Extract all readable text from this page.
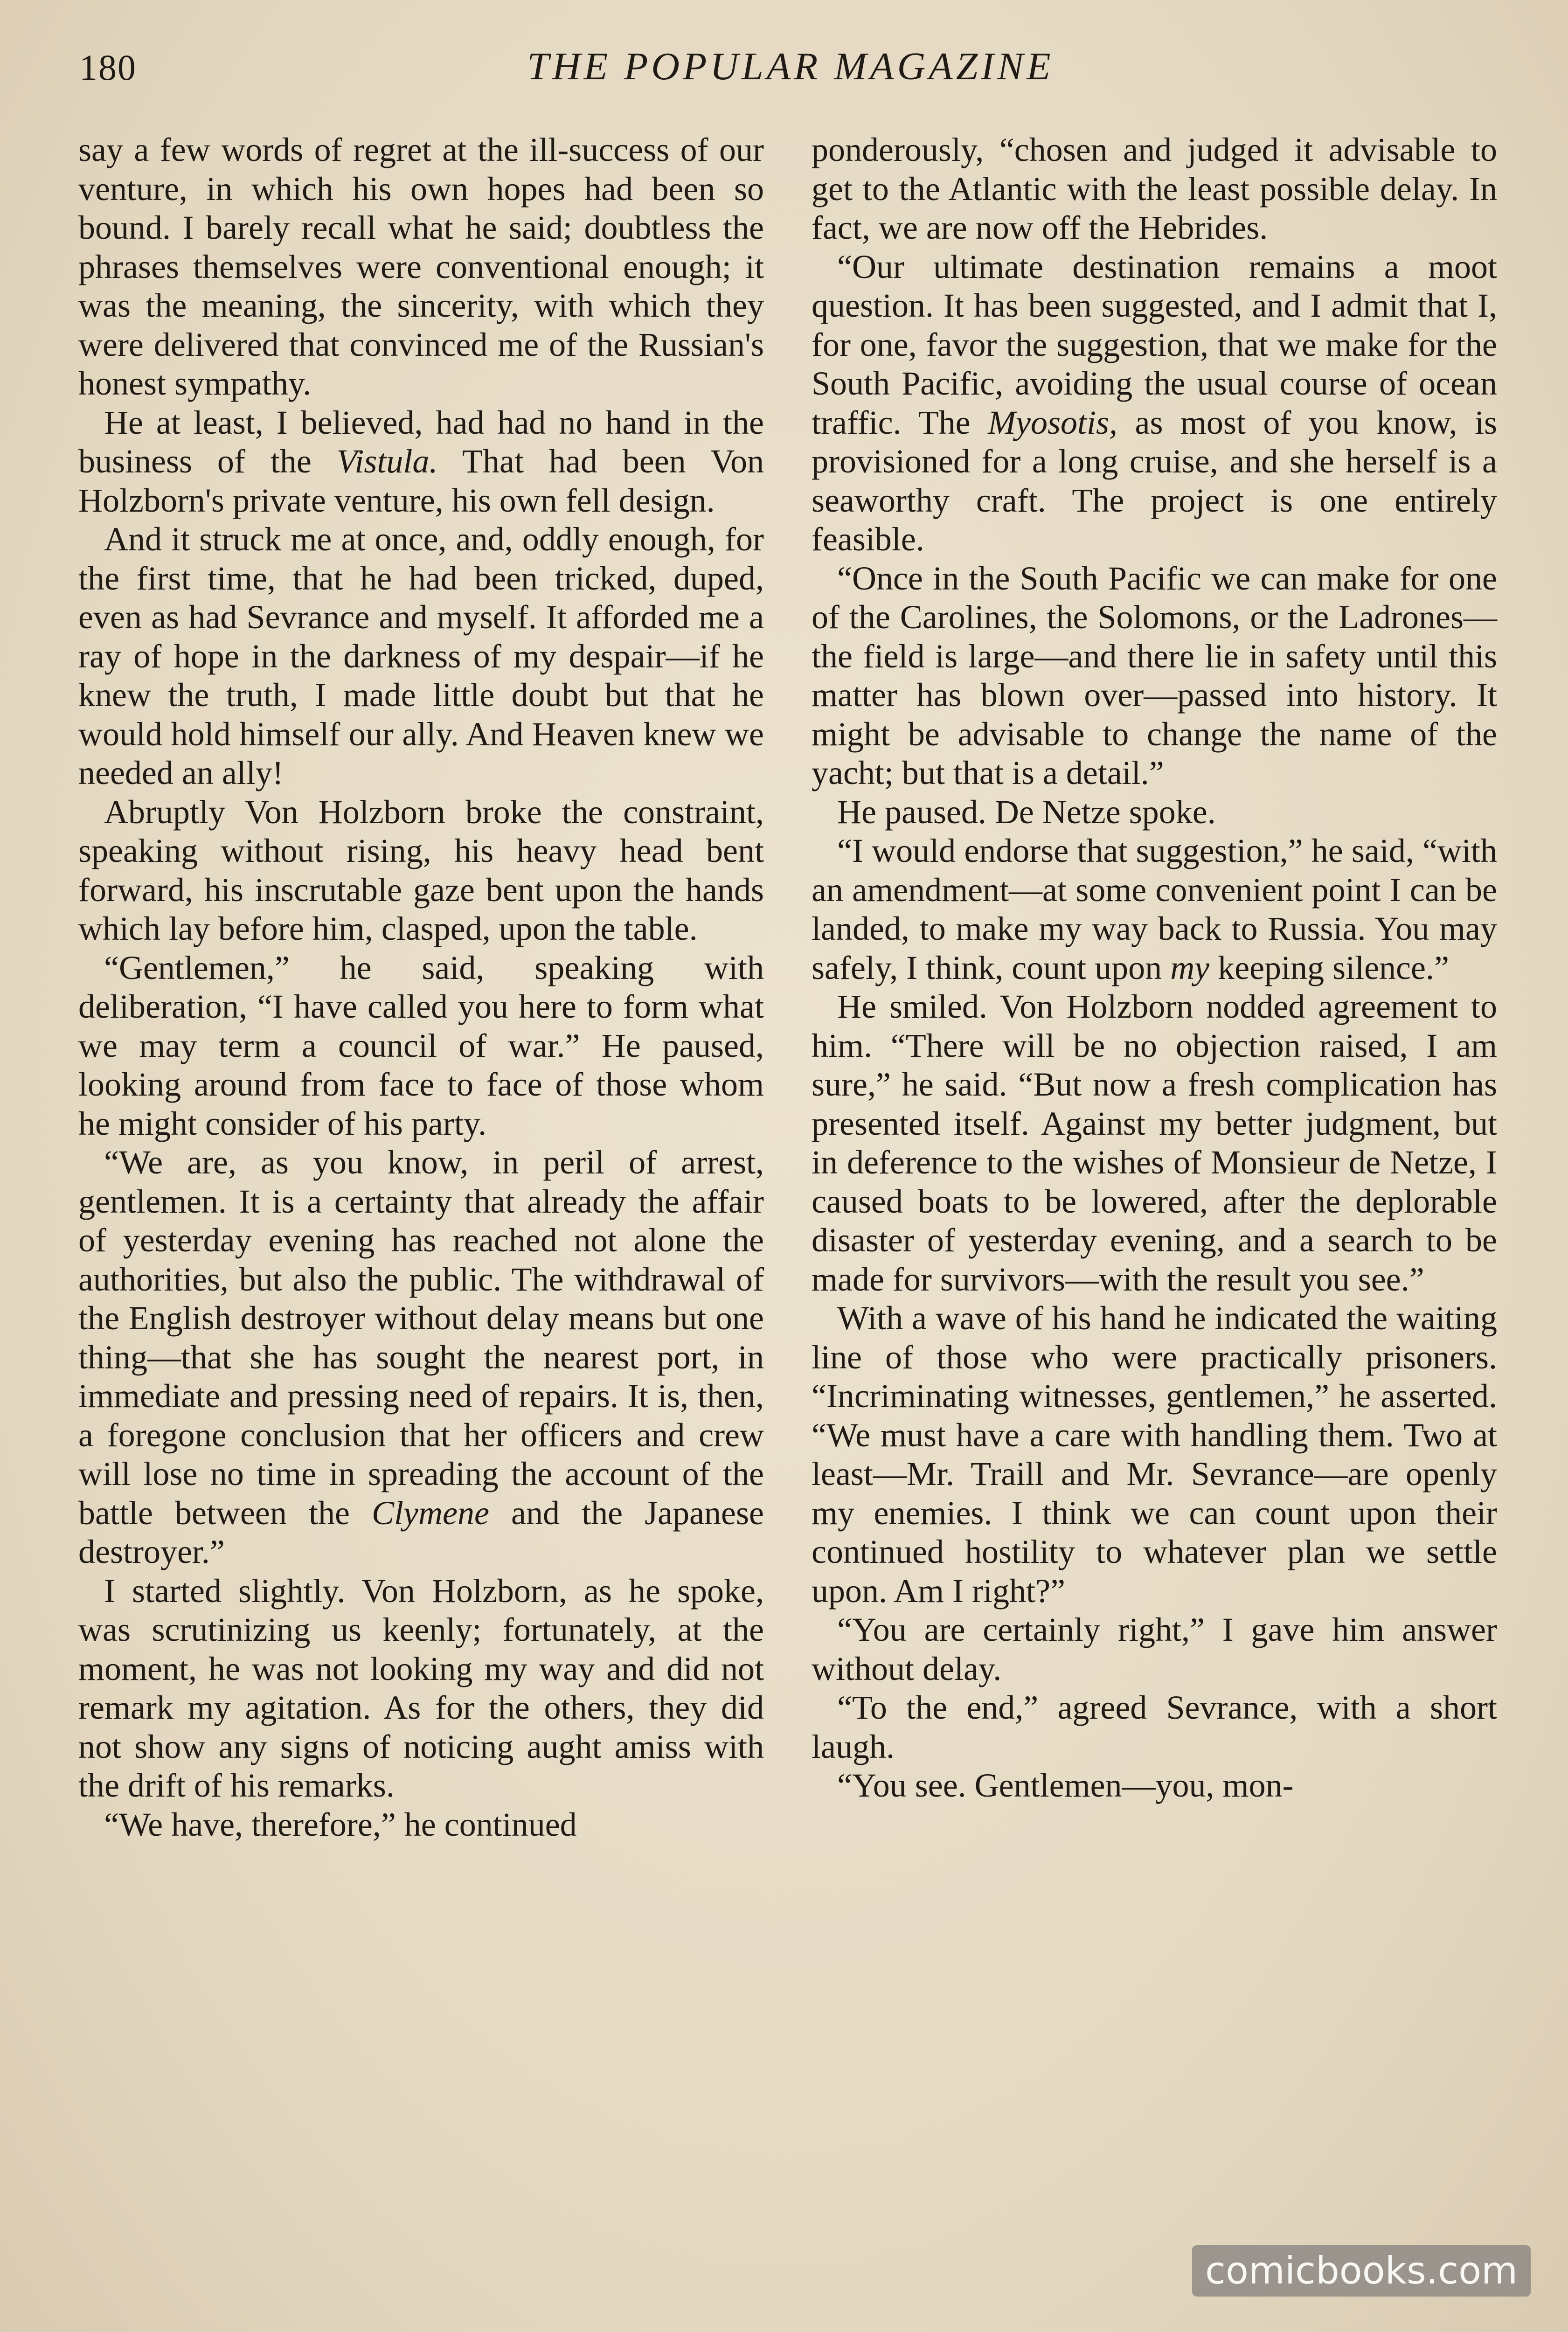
180	THE POPULAR MAGAZINE

say a few words of regret at the ill-success of our venture, in which his own hopes had been so bound. I barely recall what he said; doubtless the phrases themselves were conventional enough; it was the meaning, the sincerity, with which they were delivered that convinced me of the Russian's honest sympathy.

He at least, I believed, had had no hand in the business of the Vistula. That had been Von Holzborn's private venture, his own fell design.

And it struck me at once, and, oddly enough, for the first time, that he had been tricked, duped, even as had Sevrance and myself. It afforded me a ray of hope in the darkness of my despair—if he knew the truth, I made little doubt but that he would hold himself our ally. And Heaven knew we needed an ally!

Abruptly Von Holzborn broke the constraint, speaking without rising, his heavy head bent forward, his inscrutable gaze bent upon the hands which lay before him, clasped, upon the table.

“Gentlemen,” he said, speaking with deliberation, “I have called you here to form what we may term a council of war.” He paused, looking around from face to face of those whom he might consider of his party.

“We are, as you know, in peril of arrest, gentlemen. It is a certainty that already the affair of yesterday evening has reached not alone the authorities, but also the public. The withdrawal of the English destroyer without delay means but one thing—that she has sought the nearest port, in immediate and pressing need of repairs. It is, then, a foregone conclusion that her officers and crew will lose no time in spreading the account of the battle between the Clymene and the Japanese destroyer.”

I started slightly. Von Holzborn, as he spoke, was scrutinizing us keenly; fortunately, at the moment, he was not looking my way and did not remark my agitation. As for the others, they did not show any signs of noticing aught amiss with the drift of his remarks.

“We have, therefore,” he continued

ponderously, “chosen and judged it advisable to get to the Atlantic with the least possible delay. In fact, we are now off the Hebrides.

“Our ultimate destination remains a moot question. It has been suggested, and I admit that I, for one, favor the suggestion, that we make for the South Pacific, avoiding the usual course of ocean traffic. The Myosotis, as most of you know, is provisioned for a long cruise, and she herself is a seaworthy craft. The project is one entirely feasible.

“Once in the South Pacific we can make for one of the Carolines, the Solomons, or the Ladrones—the field is large—and there lie in safety until this matter has blown over—passed into history. It might be advisable to change the name of the yacht; but that is a detail.”

He paused. De Netze spoke.

“I would endorse that suggestion,” he said, “with an amendment—at some convenient point I can be landed, to make my way back to Russia. You may safely, I think, count upon my keeping silence.”

He smiled. Von Holzborn nodded agreement to him. “There will be no objection raised, I am sure,” he said. “But now a fresh complication has presented itself. Against my better judgment, but in deference to the wishes of Monsieur de Netze, I caused boats to be lowered, after the deplorable disaster of yesterday evening, and a search to be made for survivors—with the result you see.”

With a wave of his hand he indicated the waiting line of those who were practically prisoners. “Incriminating witnesses, gentlemen,” he asserted. “We must have a care with handling them. Two at least—Mr. Traill and Mr. Sevrance—are openly my enemies. I think we can count upon their continued hostility to whatever plan we settle upon. Am I right?”

“You are certainly right,” I gave him answer without delay.

“To the end,” agreed Sevrance, with a short laugh.

“You see. Gentlemen—you, mon-

comicbooks.com
